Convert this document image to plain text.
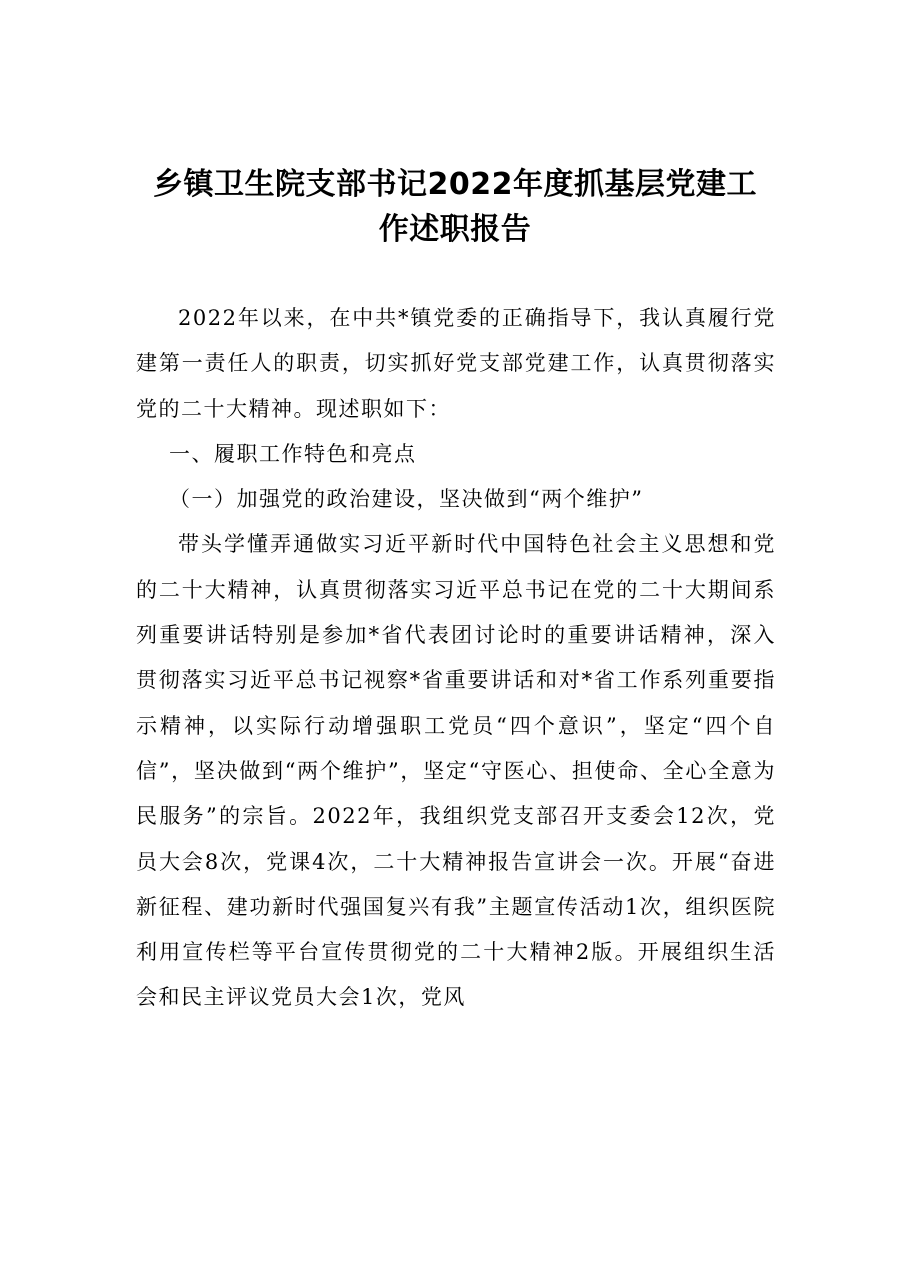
乡镇卫生院支部书记2022年度抓基层党建工
作述职报告

2022年以来，在中共*镇党委的正确指导下，我认真履行党建第一责任人的职责，切实抓好党支部党建工作，认真贯彻落实党的二十大精神。现述职如下：

一、履职工作特色和亮点

（一）加强党的政治建设，坚决做到“两个维护”

带头学懂弄通做实习近平新时代中国特色社会主义思想和党的二十大精神，认真贯彻落实习近平总书记在党的二十大期间系列重要讲话特别是参加*省代表团讨论时的重要讲话精神，深入贯彻落实习近平总书记视察*省重要讲话和对*省工作系列重要指示精神，以实际行动增强职工党员“四个意识”，坚定“四个自信”，坚决做到“两个维护”，坚定“守医心、担使命、全心全意为民服务”的宗旨。2022年，我组织党支部召开支委会12次，党员大会8次，党课4次，二十大精神报告宣讲会一次。开展“奋进新征程、建功新时代强国复兴有我”主题宣传活动1次，组织医院利用宣传栏等平台宣传贯彻党的二十大精神2版。开展组织生活会和民主评议党员大会1次，党风
